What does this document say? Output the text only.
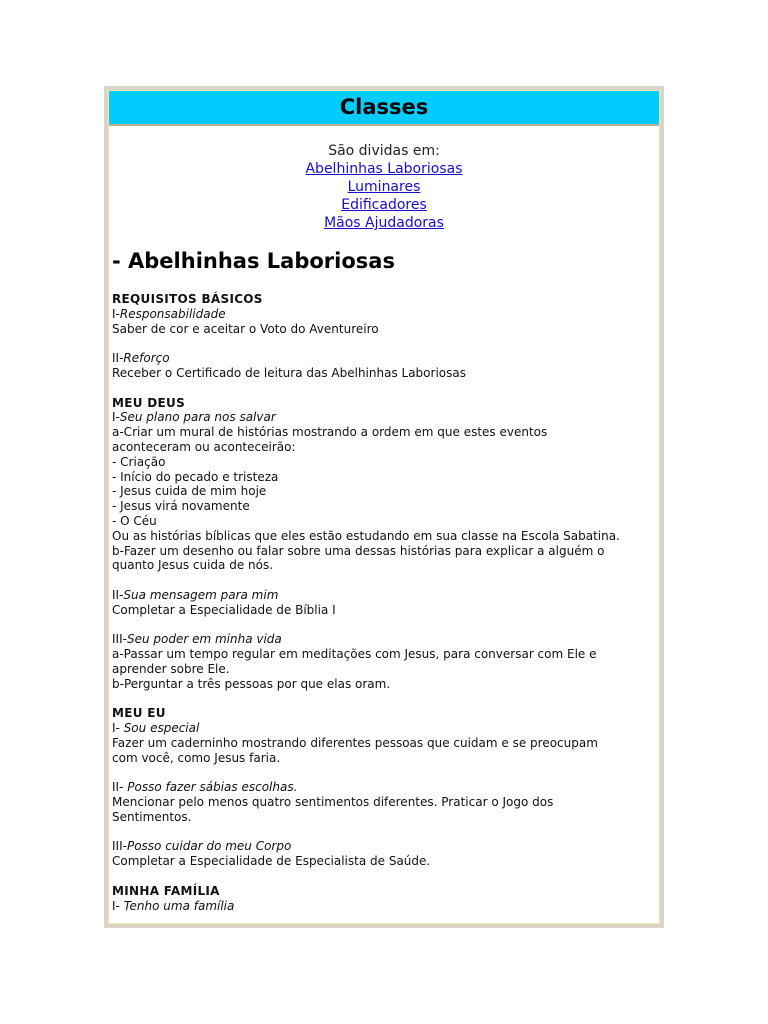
Classes
São dividas em:
Abelhinhas Laboriosas
Luminares
Edificadores
Mãos Ajudadoras
- Abelhinhas Laboriosas
REQUISITOS BÁSICOS
I-Responsabilidade
Saber de cor e aceitar o Voto do Aventureiro
II-Reforço
Receber o Certificado de leitura das Abelhinhas Laboriosas
MEU DEUS
I-Seu plano para nos salvar
a-Criar um mural de histórias mostrando a ordem em que estes eventos
aconteceram ou aconteceirão:
- Criação
- Início do pecado e tristeza
- Jesus cuida de mim hoje
- Jesus virá novamente
- O Céu
Ou as histórias bíblicas que eles estão estudando em sua classe na Escola Sabatina.
b-Fazer um desenho ou falar sobre uma dessas histórias para explicar a alguém o
quanto Jesus cuida de nós.
II-Sua mensagem para mim
Completar a Especialidade de Bíblia I
III-Seu poder em minha vida
a-Passar um tempo regular em meditações com Jesus, para conversar com Ele e
aprender sobre Ele.
b-Perguntar a três pessoas por que elas oram.
MEU EU
I- Sou especial
Fazer um caderninho mostrando diferentes pessoas que cuidam e se preocupam
com você, como Jesus faria.
II- Posso fazer sábias escolhas.
Mencionar pelo menos quatro sentimentos diferentes. Praticar o Jogo dos
Sentimentos.
III-Posso cuidar do meu Corpo
Completar a Especialidade de Especialista de Saúde.
MINHA FAMÍLIA
I- Tenho uma família
